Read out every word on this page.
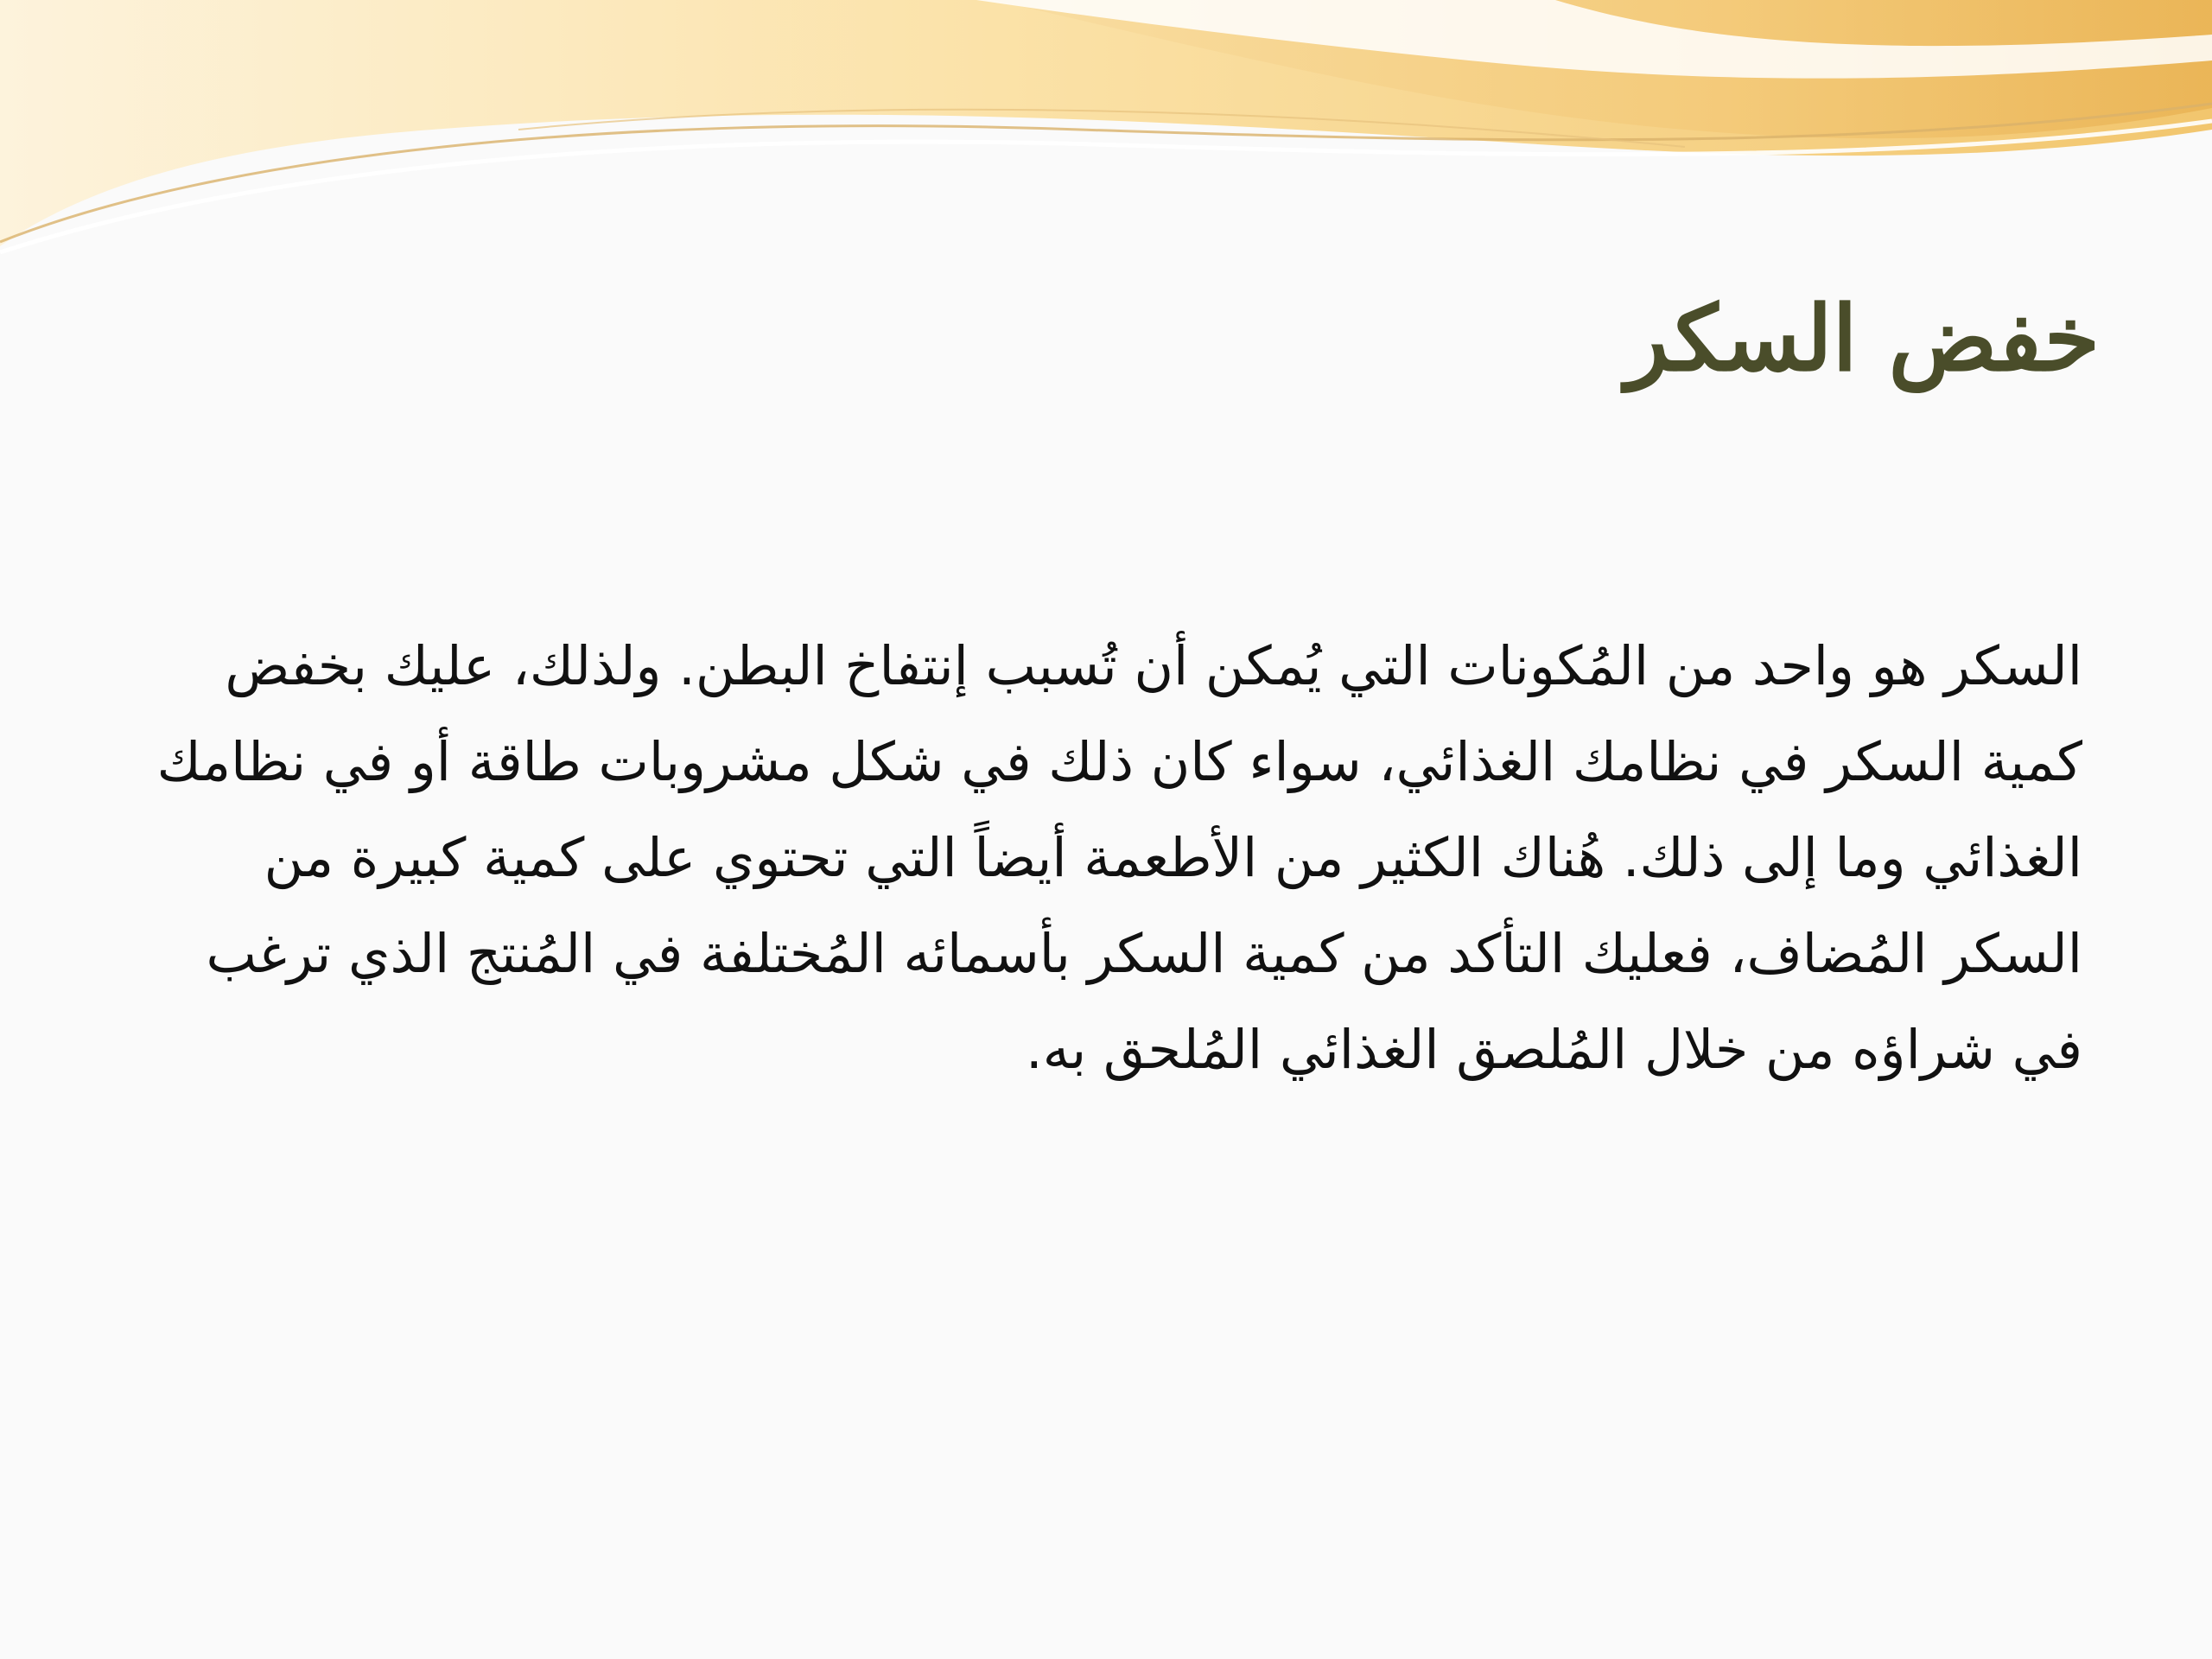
خفض السكر

السكر هو واحد من المُكونات التي يُمكن أن تُسبب إنتفاخ البطن. ولذلك، عليك بخفض كمية السكر في نظامك الغذائي، سواء كان ذلك في شكل مشروبات طاقة أو في نظامك الغذائي وما إلى ذلك. هُناك الكثير من الأطعمة أيضاً التي تحتوي على كمية كبيرة من السكر المُضاف، فعليك التأكد من كمية السكر بأسمائه المُختلفة في المُنتج الذي ترغب في شراؤه من خلال المُلصق الغذائي المُلحق به.
